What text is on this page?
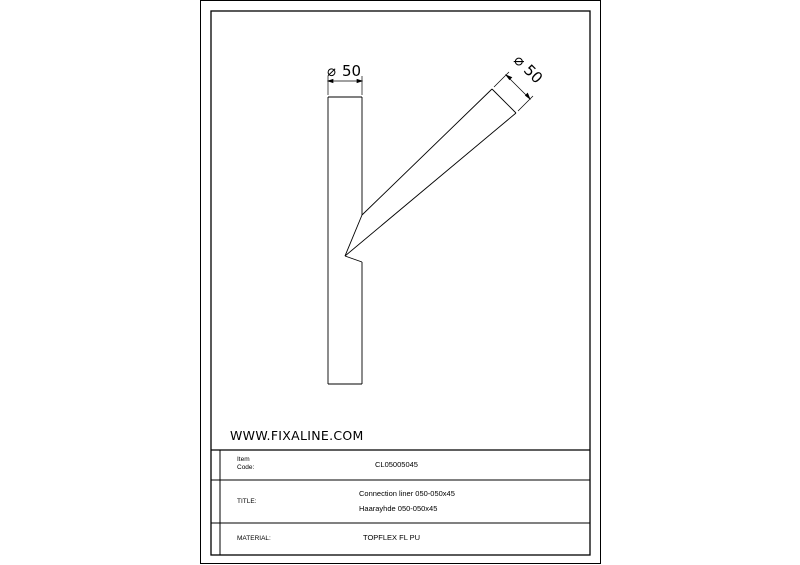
⌀ 50
⌀
50
WWW.FIXALINE.COM
Item
Code:	CL05005045
TITLE:
Connection liner 050-050x45
Haarayhde 050-050x45
MATERIAL:	TOPFLEX FL PU
